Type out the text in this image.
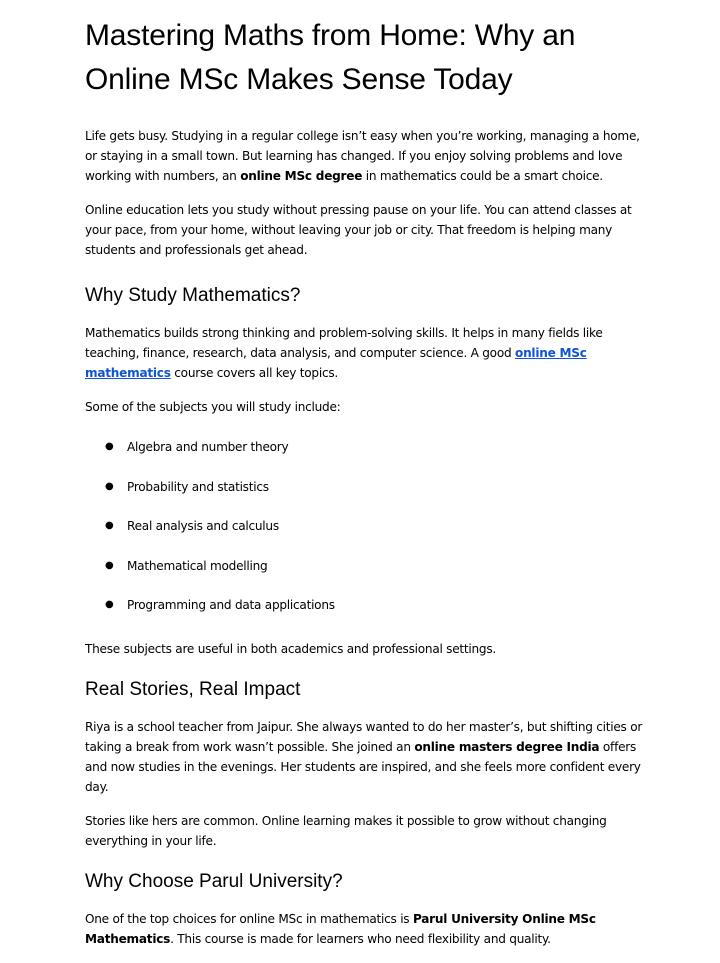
Mastering Maths from Home: Why an
Online MSc Makes Sense Today

Life gets busy. Studying in a regular college isn’t easy when you’re working, managing a home, or staying in a small town. But learning has changed. If you enjoy solving problems and love working with numbers, an online MSc degree in mathematics could be a smart choice.

Online education lets you study without pressing pause on your life. You can attend classes at your pace, from your home, without leaving your job or city. That freedom is helping many students and professionals get ahead.

Why Study Mathematics?

Mathematics builds strong thinking and problem-solving skills. It helps in many fields like teaching, finance, research, data analysis, and computer science. A good online MSc mathematics course covers all key topics.

Some of the subjects you will study include:

● Algebra and number theory
● Probability and statistics
● Real analysis and calculus
● Mathematical modelling
● Programming and data applications

These subjects are useful in both academics and professional settings.

Real Stories, Real Impact

Riya is a school teacher from Jaipur. She always wanted to do her master’s, but shifting cities or taking a break from work wasn’t possible. She joined an online masters degree India offers and now studies in the evenings. Her students are inspired, and she feels more confident every day.

Stories like hers are common. Online learning makes it possible to grow without changing everything in your life.

Why Choose Parul University?

One of the top choices for online MSc in mathematics is Parul University Online MSc Mathematics. This course is made for learners who need flexibility and quality.
